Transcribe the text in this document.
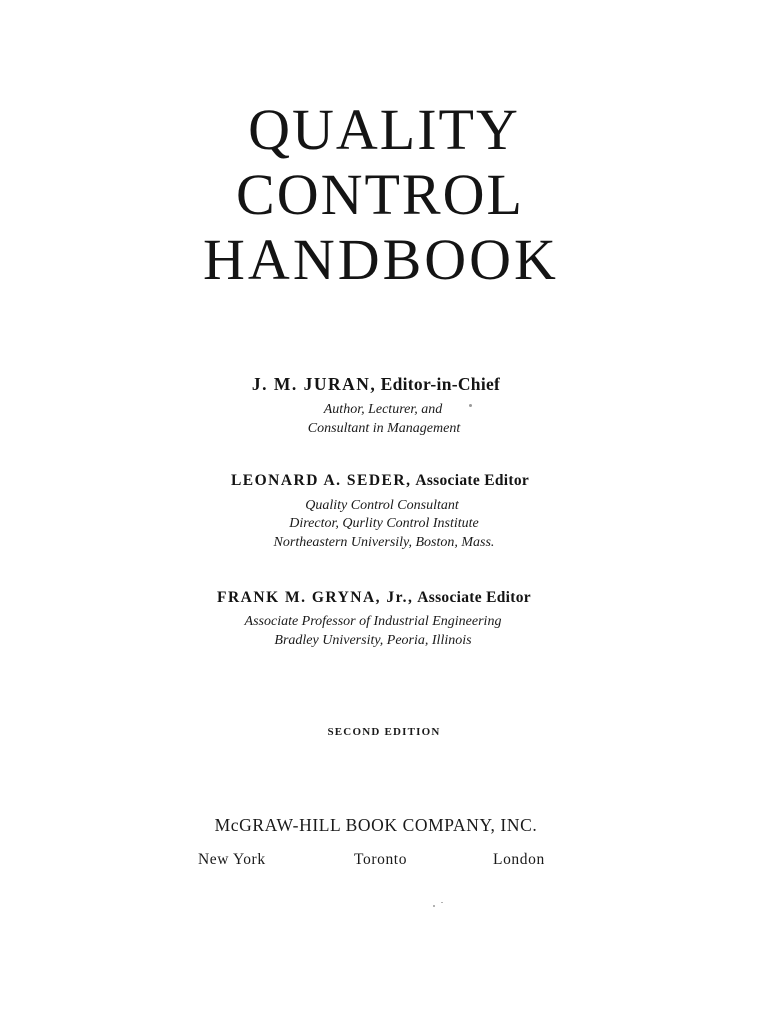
QUALITY
CONTROL
HANDBOOK
J. M. JURAN, Editor-in-Chief
Author, Lecturer, and
Consultant in Management
LEONARD A. SEDER, Associate Editor
Quality Control Consultant
Director, Qurlity Control Institute
Northeastern Universily, Boston, Mass.
FRANK M. GRYNA, Jr., Associate Editor
Associate Professor of Industrial Engineering
Bradley University, Peoria, Illinois
SECOND EDITION
McGRAW-HILL BOOK COMPANY, INC.
New York	Toronto	London
